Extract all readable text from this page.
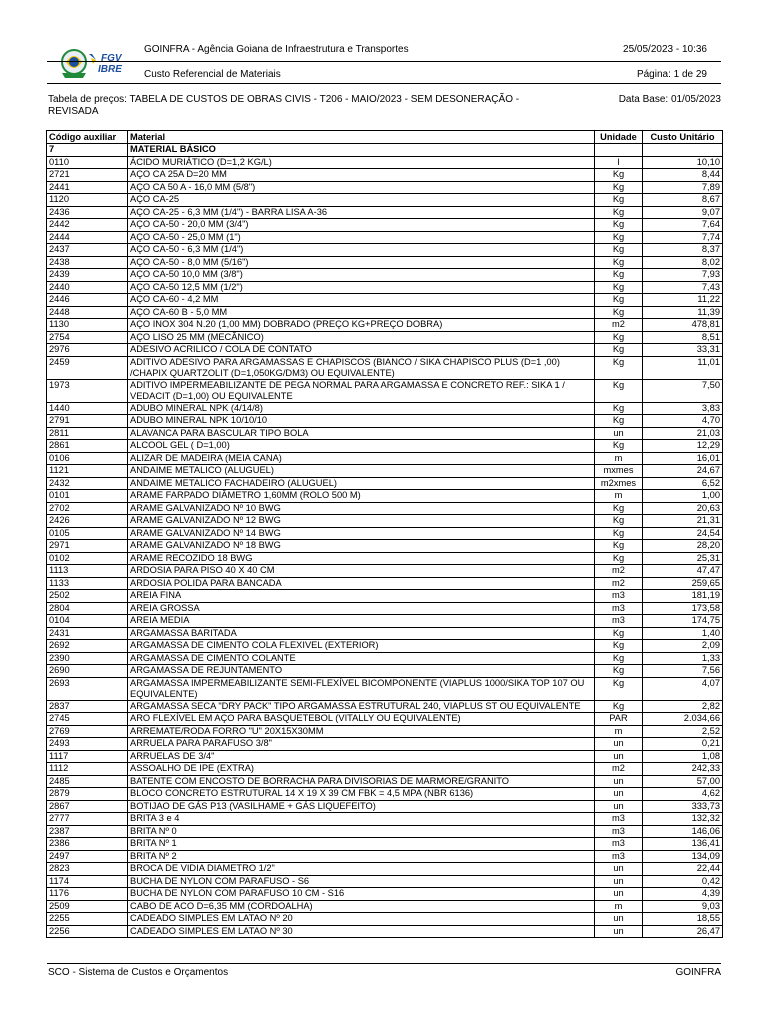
FGV
IBRE
GOINFRA - Agência Goiana de Infraestrutura e Transportes	25/05/2023 - 10:36
Custo Referencial de Materiais	Página: 1 de 29
Tabela de preços: TABELA DE CUSTOS DE OBRAS CIVIS - T206 - MAIO/2023 - SEM DESONERAÇÃO -
REVISADA
Data Base: 01/05/2023
Código auxiliar	Material	Unidade	Custo Unitário
7	MATERIAL BÁSICO		
0110	ÁCIDO MURIÁTICO (D=1,2 KG/L)	l	10,10
2721	AÇO CA 25A D=20 MM	Kg	8,44
2441	AÇO CA 50 A - 16,0 MM (5/8")	Kg	7,89
1120	AÇO CA-25	Kg	8,67
2436	AÇO CA-25 - 6,3 MM (1/4") - BARRA LISA A-36	Kg	9,07
2442	AÇO CA-50 - 20,0 MM (3/4")	Kg	7,64
2444	AÇO CA-50 - 25,0 MM (1")	Kg	7,74
2437	AÇO CA-50 - 6,3 MM (1/4")	Kg	8,37
2438	AÇO CA-50 - 8,0 MM (5/16")	Kg	8,02
2439	AÇO CA-50 10,0 MM (3/8")	Kg	7,93
2440	AÇO CA-50 12,5 MM (1/2")	Kg	7,43
2446	AÇO CA-60 - 4,2 MM	Kg	11,22
2448	AÇO CA-60 B - 5,0 MM	Kg	11,39
1130	AÇO INOX 304 N.20 (1,00 MM) DOBRADO (PREÇO KG+PREÇO DOBRA)	m2	478,81
2754	AÇO LISO 25 MM (MECÂNICO)	Kg	8,51
2976	ADESIVO ACRILICO / COLA DE CONTATO	Kg	33,31
2459	ADITIVO ADESIVO PARA ARGAMASSAS E CHAPISCOS (BIANCO / SIKA CHAPISCO PLUS (D=1 ,00) /CHAPIX QUARTZOLIT (D=1,050KG/DM3) OU EQUIVALENTE)	Kg	11,01
1973	ADITIVO IMPERMEABILIZANTE DE PEGA NORMAL PARA ARGAMASSA E CONCRETO REF.: SIKA 1 / VEDACIT (D=1,00) OU EQUIVALENTE	Kg	7,50
1440	ADUBO MINERAL NPK (4/14/8)	Kg	3,83
2791	ADUBO MINERAL NPK 10/10/10	Kg	4,70
2811	ALAVANCA PARA BASCULAR TIPO BOLA	un	21,03
2861	ALCOOL GEL ( D=1,00)	Kg	12,29
0106	ALIZAR DE MADEIRA (MEIA CANA)	m	16,01
1121	ANDAIME METALICO (ALUGUEL)	mxmes	24,67
2432	ANDAIME METALICO FACHADEIRO (ALUGUEL)	m2xmes	6,52
0101	ARAME FARPADO DIÂMETRO 1,60MM (ROLO 500 M)	m	1,00
2702	ARAME GALVANIZADO Nº 10 BWG	Kg	20,63
2426	ARAME GALVANIZADO Nº 12 BWG	Kg	21,31
0105	ARAME GALVANIZADO Nº 14 BWG	Kg	24,54
2971	ARAME GALVANIZADO Nº 18 BWG	Kg	28,20
0102	ARAME RECOZIDO 18 BWG	Kg	25,31
1113	ARDOSIA PARA PISO 40 X 40 CM	m2	47,47
1133	ARDOSIA POLIDA PARA BANCADA	m2	259,65
2502	AREIA FINA	m3	181,19
2804	AREIA GROSSA	m3	173,58
0104	AREIA MEDIA	m3	174,75
2431	ARGAMASSA BARITADA	Kg	1,40
2692	ARGAMASSA DE CIMENTO COLA FLEXIVEL (EXTERIOR)	Kg	2,09
2390	ARGAMASSA DE CIMENTO COLANTE	Kg	1,33
2690	ARGAMASSA DE REJUNTAMENTO	Kg	7,56
2693	ARGAMASSA IMPERMEABILIZANTE SEMI-FLEXÍVEL BICOMPONENTE (VIAPLUS 1000/SIKA TOP 107 OU EQUIVALENTE)	Kg	4,07
2837	ARGAMASSA SECA "DRY PACK" TIPO ARGAMASSA ESTRUTURAL 240, VIAPLUS ST OU EQUIVALENTE	Kg	2,82
2745	ARO FLEXÍVEL EM AÇO PARA BASQUETEBOL (VITALLY OU EQUIVALENTE)	PAR	2.034,66
2769	ARREMATE/RODA FORRO "U" 20X15X30MM	m	2,52
2493	ARRUELA PARA PARAFUSO 3/8"	un	0,21
1117	ARRUELAS DE 3/4"	un	1,08
1112	ASSOALHO DE IPE (EXTRA)	m2	242,33
2485	BATENTE COM ENCOSTO DE BORRACHA PARA DIVISORIAS DE MARMORE/GRANITO	un	57,00
2879	BLOCO CONCRETO ESTRUTURAL 14 X 19 X 39 CM FBK = 4,5 MPA (NBR 6136)	un	4,62
2867	BOTIJAO DE GÁS P13 (VASILHAME + GÁS LIQUEFEITO)	un	333,73
2777	BRITA 3 e 4	m3	132,32
2387	BRITA Nº 0	m3	146,06
2386	BRITA Nº 1	m3	136,41
2497	BRITA Nº 2	m3	134,09
2823	BROCA DE VIDIA DIAMETRO 1/2"	un	22,44
1174	BUCHA DE NYLON COM PARAFUSO - S6	un	0,42
1176	BUCHA DE NYLON COM PARAFUSO 10 CM - S16	un	4,39
2509	CABO DE ACO D=6,35 MM (CORDOALHA)	m	9,03
2255	CADEADO SIMPLES EM LATAO Nº 20	un	18,55
2256	CADEADO SIMPLES EM LATAO Nº 30	un	26,47
SCO - Sistema de Custos e Orçamentos	GOINFRA
